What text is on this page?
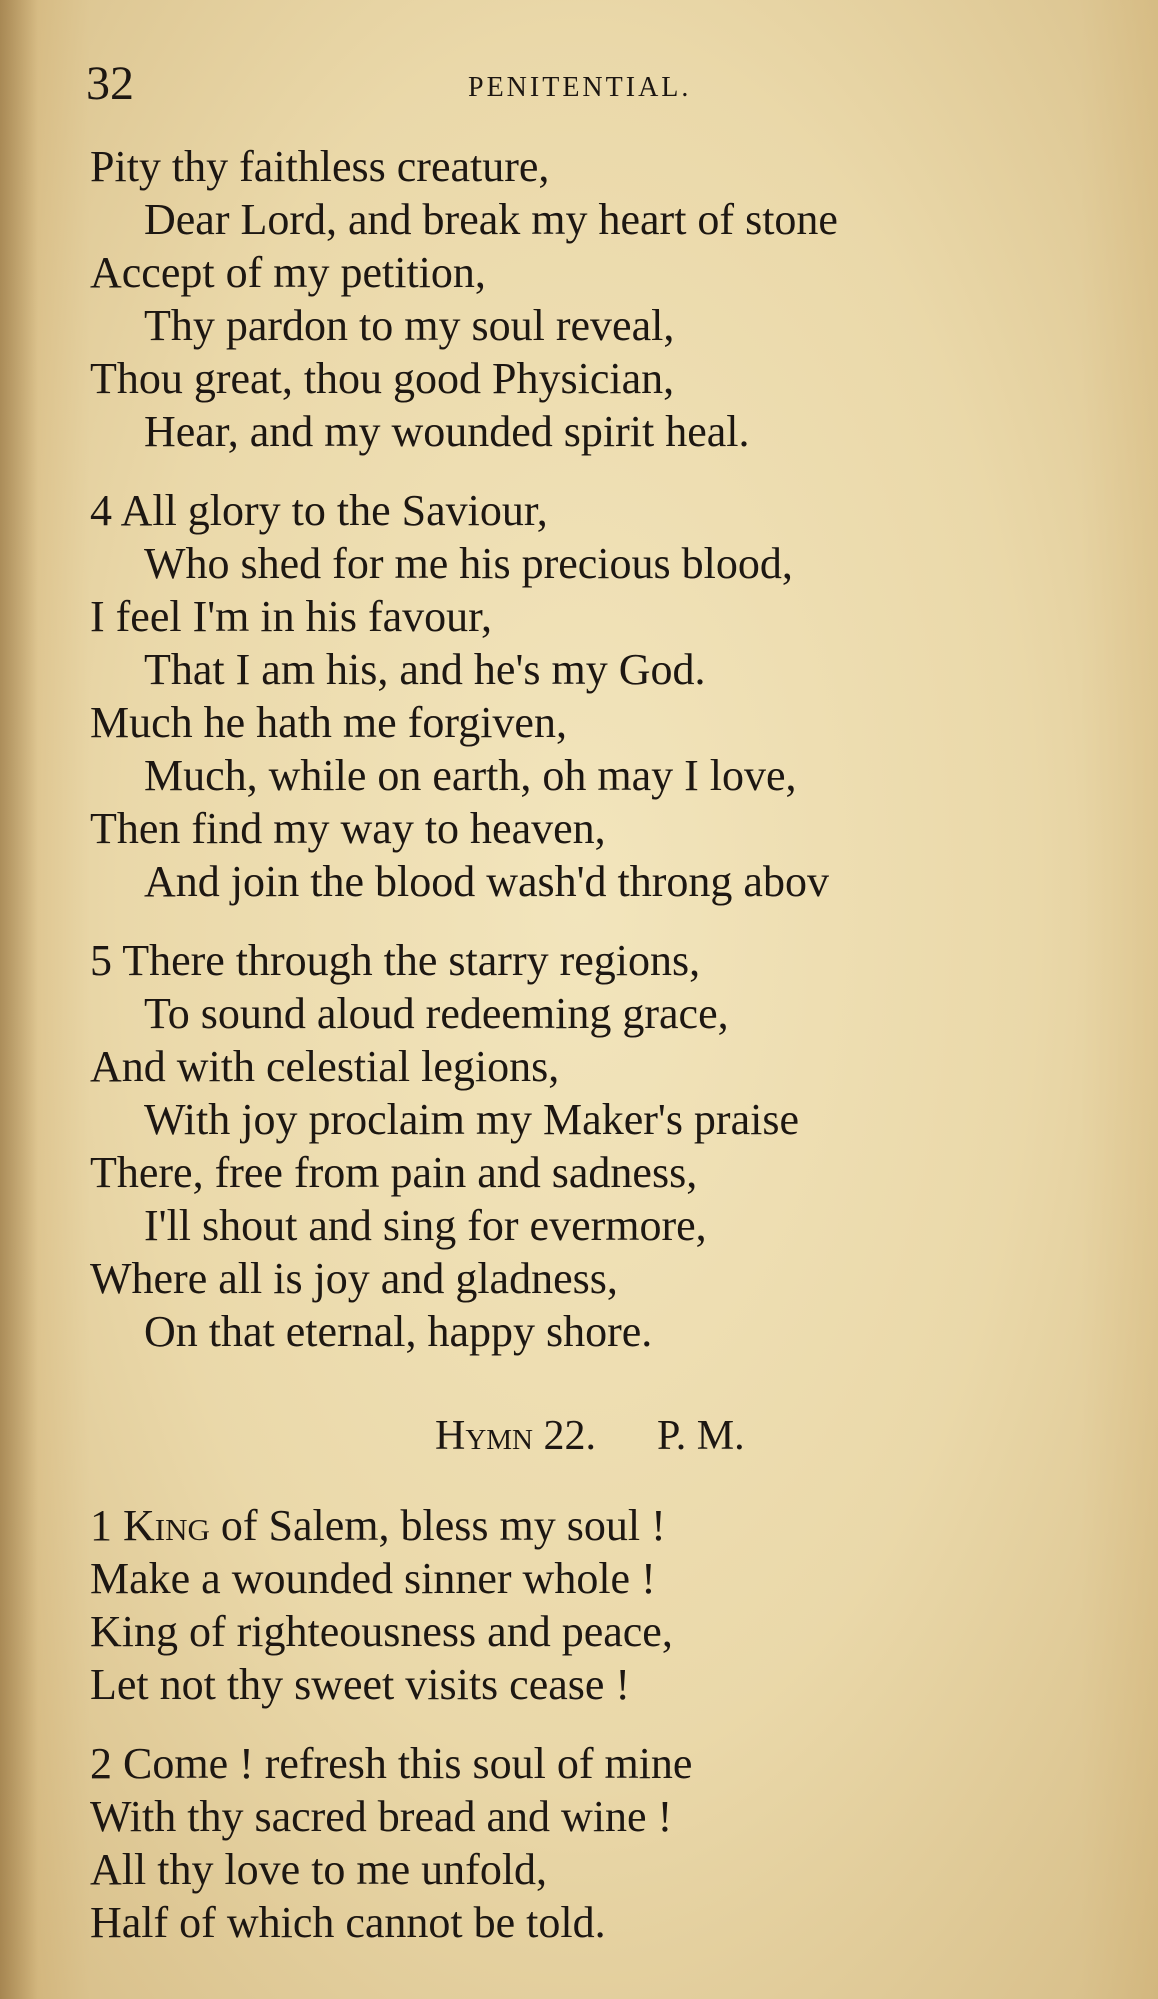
32	PENITENTIAL.
Pity thy faithless creature,
Dear Lord, and break my heart of stone
Accept of my petition,
Thy pardon to my soul reveal,
Thou great, thou good Physician,
Hear, and my wounded spirit heal.
4 All glory to the Saviour,
Who shed for me his precious blood,
I feel I'm in his favour,
That I am his, and he's my God.
Much he hath me forgiven,
Much, while on earth, oh may I love,
Then find my way to heaven,
And join the blood wash'd throng abov
5 There through the starry regions,
To sound aloud redeeming grace,
And with celestial legions,
With joy proclaim my Maker's praise
There, free from pain and sadness,
I'll shout and sing for evermore,
Where all is joy and gladness,
On that eternal, happy shore.
Hymn 22. P. M.
1 King of Salem, bless my soul !
Make a wounded sinner whole !
King of righteousness and peace,
Let not thy sweet visits cease !
2 Come ! refresh this soul of mine
With thy sacred bread and wine !
All thy love to me unfold,
Half of which cannot be told.
